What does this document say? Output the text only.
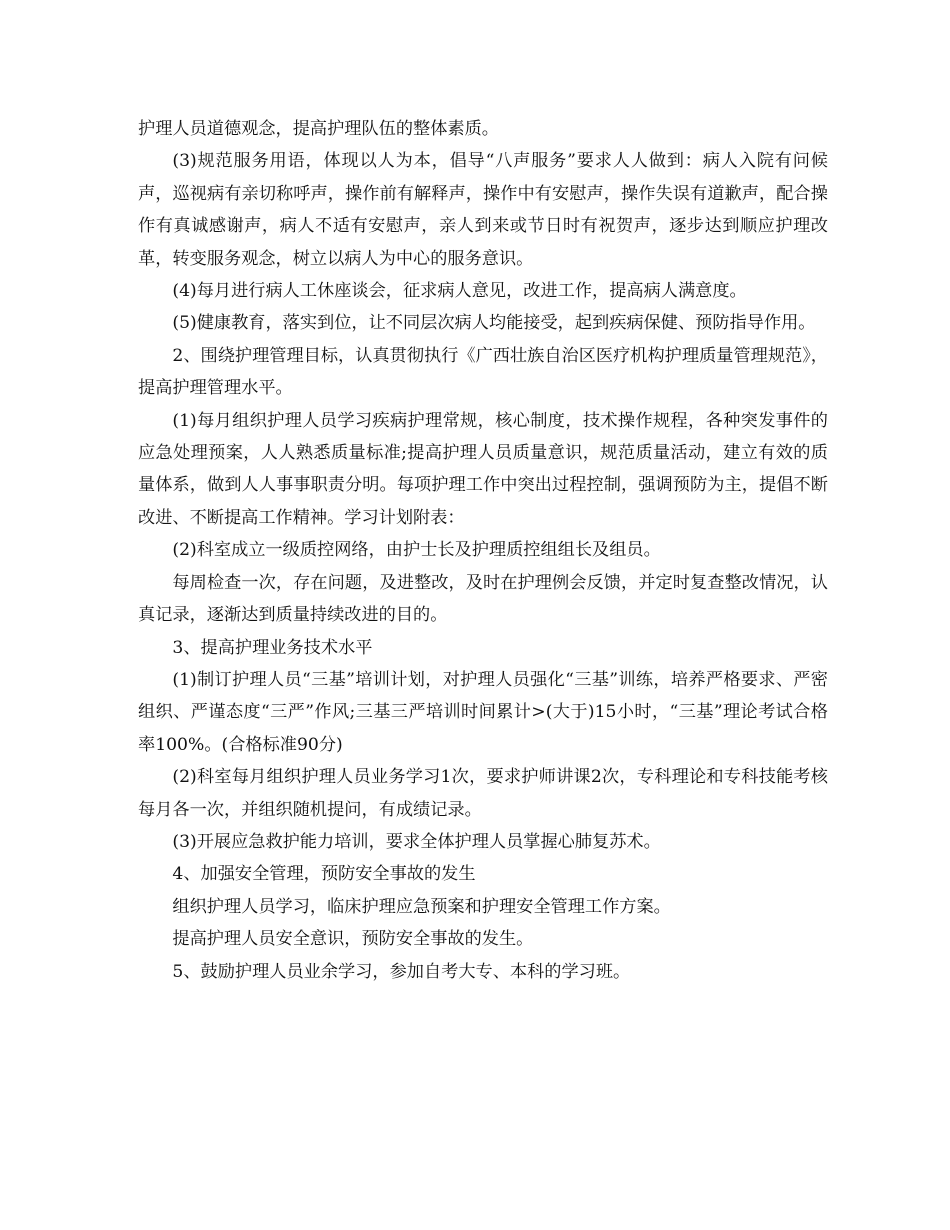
护理人员道德观念，提高护理队伍的整体素质。

(3)规范服务用语，体现以人为本，倡导“八声服务”要求人人做到：病人入院有问候声，巡视病有亲切称呼声，操作前有解释声，操作中有安慰声，操作失误有道歉声，配合操作有真诚感谢声，病人不适有安慰声，亲人到来或节日时有祝贺声，逐步达到顺应护理改革，转变服务观念，树立以病人为中心的服务意识。

(4)每月进行病人工休座谈会，征求病人意见，改进工作，提高病人满意度。

(5)健康教育，落实到位，让不同层次病人均能接受，起到疾病保健、预防指导作用。

2、围绕护理管理目标，认真贯彻执行《广西壮族自治区医疗机构护理质量管理规范》，提高护理管理水平。

(1)每月组织护理人员学习疾病护理常规，核心制度，技术操作规程，各种突发事件的应急处理预案，人人熟悉质量标准;提高护理人员质量意识，规范质量活动，建立有效的质量体系，做到人人事事职责分明。每项护理工作中突出过程控制，强调预防为主，提倡不断改进、不断提高工作精神。学习计划附表：

(2)科室成立一级质控网络，由护士长及护理质控组组长及组员。

每周检查一次，存在问题，及进整改，及时在护理例会反馈，并定时复查整改情况，认真记录，逐渐达到质量持续改进的目的。

3、提高护理业务技术水平

(1)制订护理人员“三基”培训计划，对护理人员强化“三基”训练，培养严格要求、严密组织、严谨态度“三严”作风;三基三严培训时间累计>(大于)15小时，“三基”理论考试合格率100%。(合格标准90分)

(2)科室每月组织护理人员业务学习1次，要求护师讲课2次，专科理论和专科技能考核每月各一次，并组织随机提问，有成绩记录。

(3)开展应急救护能力培训，要求全体护理人员掌握心肺复苏术。

4、加强安全管理，预防安全事故的发生

组织护理人员学习，临床护理应急预案和护理安全管理工作方案。

提高护理人员安全意识，预防安全事故的发生。

5、鼓励护理人员业余学习，参加自考大专、本科的学习班。
